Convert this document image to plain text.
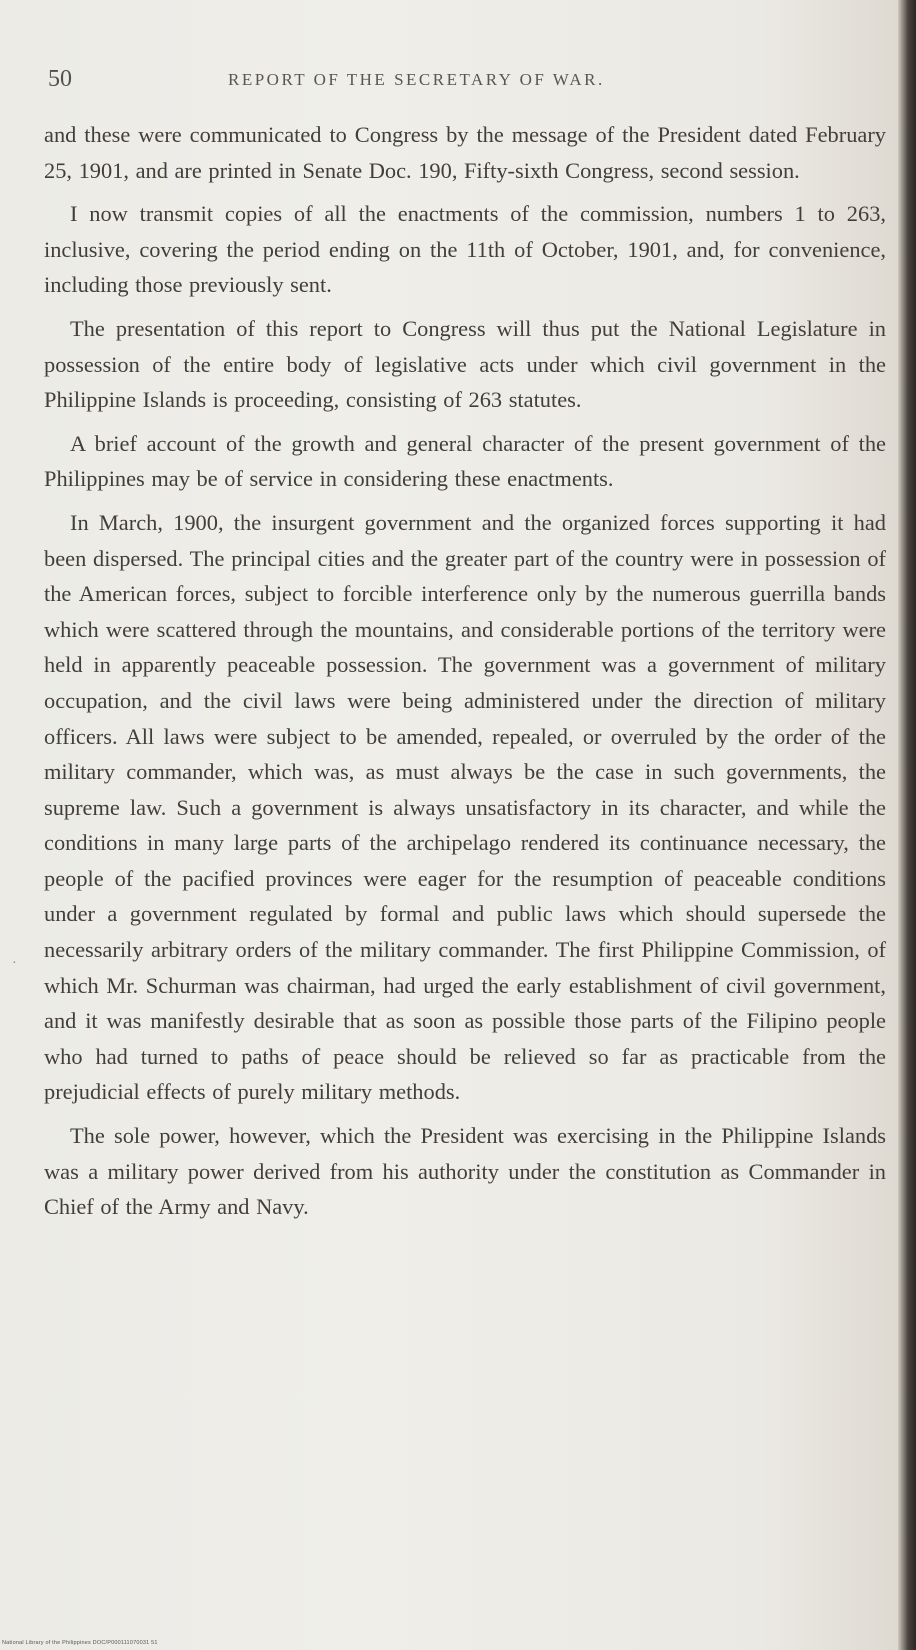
50	REPORT OF THE SECRETARY OF WAR.

and these were communicated to Congress by the message of the President dated February 25, 1901, and are printed in Senate Doc. 190, Fifty-sixth Congress, second session.

I now transmit copies of all the enactments of the commission, numbers 1 to 263, inclusive, covering the period ending on the 11th of October, 1901, and, for convenience, including those previously sent.

The presentation of this report to Congress will thus put the National Legislature in possession of the entire body of legislative acts under which civil government in the Philippine Islands is proceeding, consisting of 263 statutes.

A brief account of the growth and general character of the present government of the Philippines may be of service in considering these enactments.

In March, 1900, the insurgent government and the organized forces supporting it had been dispersed. The principal cities and the greater part of the country were in possession of the American forces, subject to forcible interference only by the numerous guerrilla bands which were scattered through the mountains, and considerable portions of the territory were held in apparently peaceable possession. The government was a government of military occupation, and the civil laws were being administered under the direction of military officers. All laws were subject to be amended, repealed, or overruled by the order of the military commander, which was, as must always be the case in such governments, the supreme law. Such a government is always unsatisfactory in its character, and while the conditions in many large parts of the archipelago rendered its continuance necessary, the people of the pacified provinces were eager for the resumption of peaceable conditions under a government regulated by formal and public laws which should supersede the necessarily arbitrary orders of the military commander. The first Philippine Commission, of which Mr. Schurman was chairman, had urged the early establishment of civil government, and it was manifestly desirable that as soon as possible those parts of the Filipino people who had turned to paths of peace should be relieved so far as practicable from the prejudicial effects of purely military methods.

The sole power, however, which the President was exercising in the Philippine Islands was a military power derived from his authority under the constitution as Commander in Chief of the Army and Navy.

·
National Library of the Philippines DOC/P000111070031 51
